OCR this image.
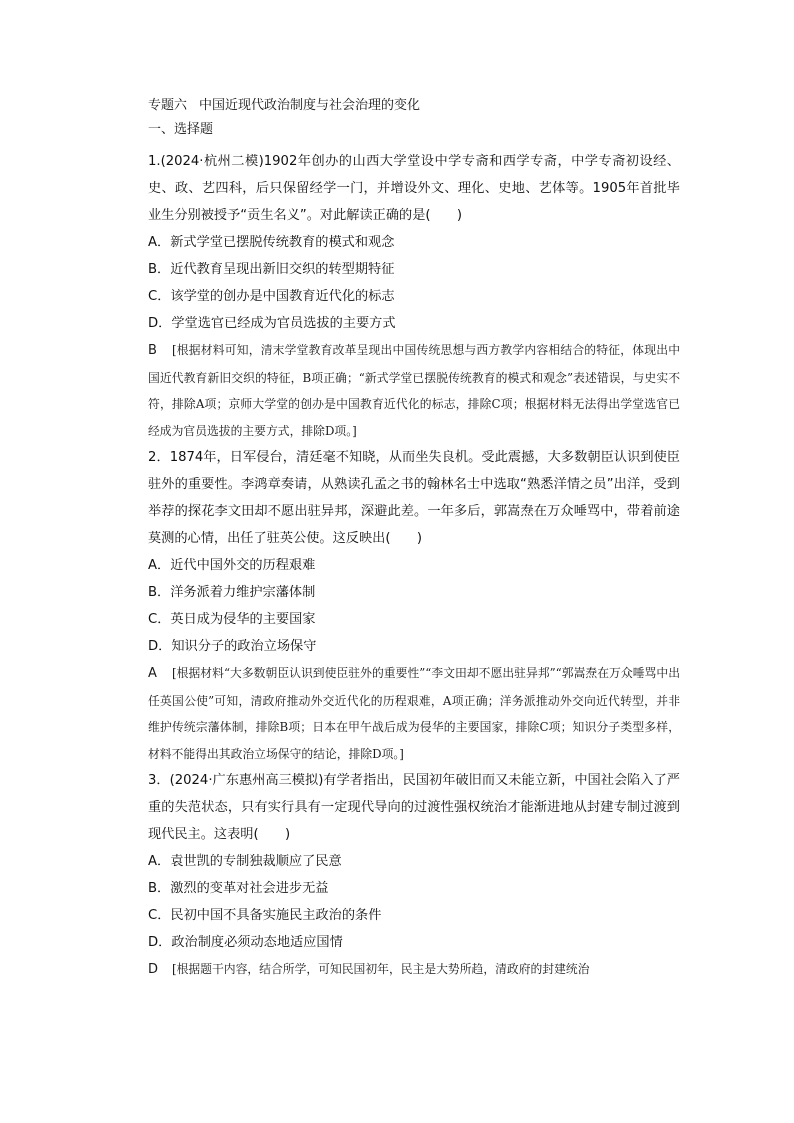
专题六 中国近现代政治制度与社会治理的变化

一、选择题

1.(2024·杭州二模)1902年创办的山西大学堂设中学专斋和西学专斋，中学专斋初设经、史、政、艺四科，后只保留经学一门，并增设外文、理化、史地、艺体等。1905年首批毕业生分别被授予“贡生名义”。对此解读正确的是(　　)

A．新式学堂已摆脱传统教育的模式和观念
B．近代教育呈现出新旧交织的转型期特征
C．该学堂的创办是中国教育近代化的标志
D．学堂选官已经成为官员选拔的主要方式

B [根据材料可知，清末学堂教育改革呈现出中国传统思想与西方教学内容相结合的特征，体现出中国近代教育新旧交织的特征，B项正确；“新式学堂已摆脱传统教育的模式和观念”表述错误，与史实不符，排除A项；京师大学堂的创办是中国教育近代化的标志，排除C项；根据材料无法得出学堂选官已经成为官员选拔的主要方式，排除D项。]

2．1874年，日军侵台，清廷毫不知晓，从而坐失良机。受此震撼，大多数朝臣认识到使臣驻外的重要性。李鸿章奏请，从熟读孔孟之书的翰林名士中选取“熟悉洋情之员”出洋，受到举荐的探花李文田却不愿出驻异邦，深避此差。一年多后，郭嵩焘在万众唾骂中，带着前途莫测的心情，出任了驻英公使。这反映出(　　)

A．近代中国外交的历程艰难
B．洋务派着力维护宗藩体制
C．英日成为侵华的主要国家
D．知识分子的政治立场保守

A [根据材料“大多数朝臣认识到使臣驻外的重要性”“李文田却不愿出驻异邦”“郭嵩焘在万众唾骂中出任英国公使”可知，清政府推动外交近代化的历程艰难，A项正确；洋务派推动外交向近代转型，并非维护传统宗藩体制，排除B项；日本在甲午战后成为侵华的主要国家，排除C项；知识分子类型多样，材料不能得出其政治立场保守的结论，排除D项。]

3．(2024·广东惠州高三模拟)有学者指出，民国初年破旧而又未能立新，中国社会陷入了严重的失范状态，只有实行具有一定现代导向的过渡性强权统治才能渐进地从封建专制过渡到现代民主。这表明(　　)

A．袁世凯的专制独裁顺应了民意
B．激烈的变革对社会进步无益
C．民初中国不具备实施民主政治的条件
D．政治制度必须动态地适应国情

D [根据题干内容，结合所学，可知民国初年，民主是大势所趋，清政府的封建统治
